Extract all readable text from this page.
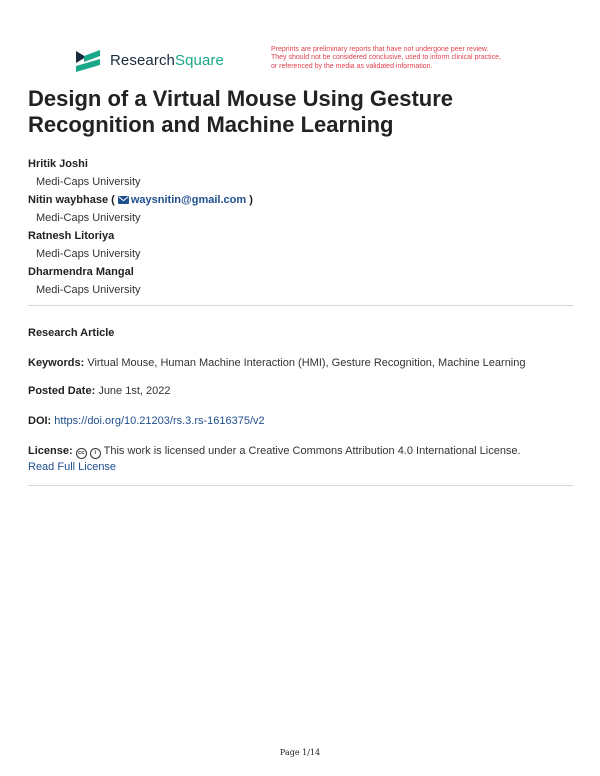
ResearchSquare
Preprints are preliminary reports that have not undergone peer review.
They should not be considered conclusive, used to inform clinical practice,
or referenced by the media as validated information.
Design of a Virtual Mouse Using Gesture Recognition and Machine Learning
Hritik Joshi
Medi-Caps University
Nitin waybhase ( waysnitin@gmail.com )
Medi-Caps University
Ratnesh Litoriya
Medi-Caps University
Dharmendra Mangal
Medi-Caps University
Research Article
Keywords: Virtual Mouse, Human Machine Interaction (HMI), Gesture Recognition, Machine Learning
Posted Date: June 1st, 2022
DOI: https://doi.org/10.21203/rs.3.rs-1616375/v2
License: cc i This work is licensed under a Creative Commons Attribution 4.0 International License.
Read Full License
Page 1/14
